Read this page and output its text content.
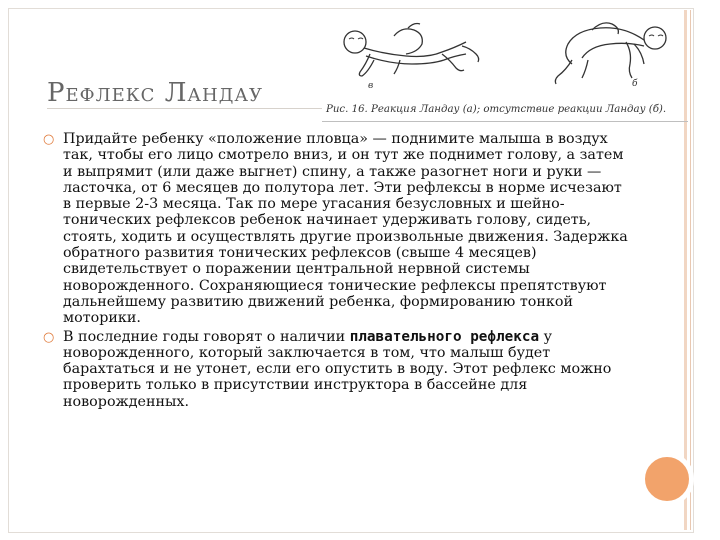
Рефлекс Ландау	в	б
Рис. 16. Реакция Ландау (а); отсутствие реакции Ландау (б).
○ Придайте ребенку «положение пловца» — поднимите малыша в воздух так, чтобы его лицо смотрело вниз, и он тут же поднимет голову, а затем и выпрямит (или даже выгнет) спину, а также разогнет ноги и руки — ласточка, от 6 месяцев до полутора лет. Эти рефлексы в норме исчезают в первые 2-3 месяца. Так по мере угасания безусловных и шейно-тонических рефлексов ребенок начинает удерживать голову, сидеть, стоять, ходить и осуществлять другие произвольные движения. Задержка обратного развития тонических рефлексов (свыше 4 месяцев) свидетельствует о поражении центральной нервной системы новорожденного. Сохраняющиеся тонические рефлексы препятствуют дальнейшему развитию движений ребенка, формированию тонкой моторики.

○ В последние годы говорят о наличии плавательного рефлекса у новорожденного, который заключается в том, что малыш будет барахтаться и не утонет, если его опустить в воду. Этот рефлекс можно проверить только в присутствии инструктора в бассейне для новорожденных.
